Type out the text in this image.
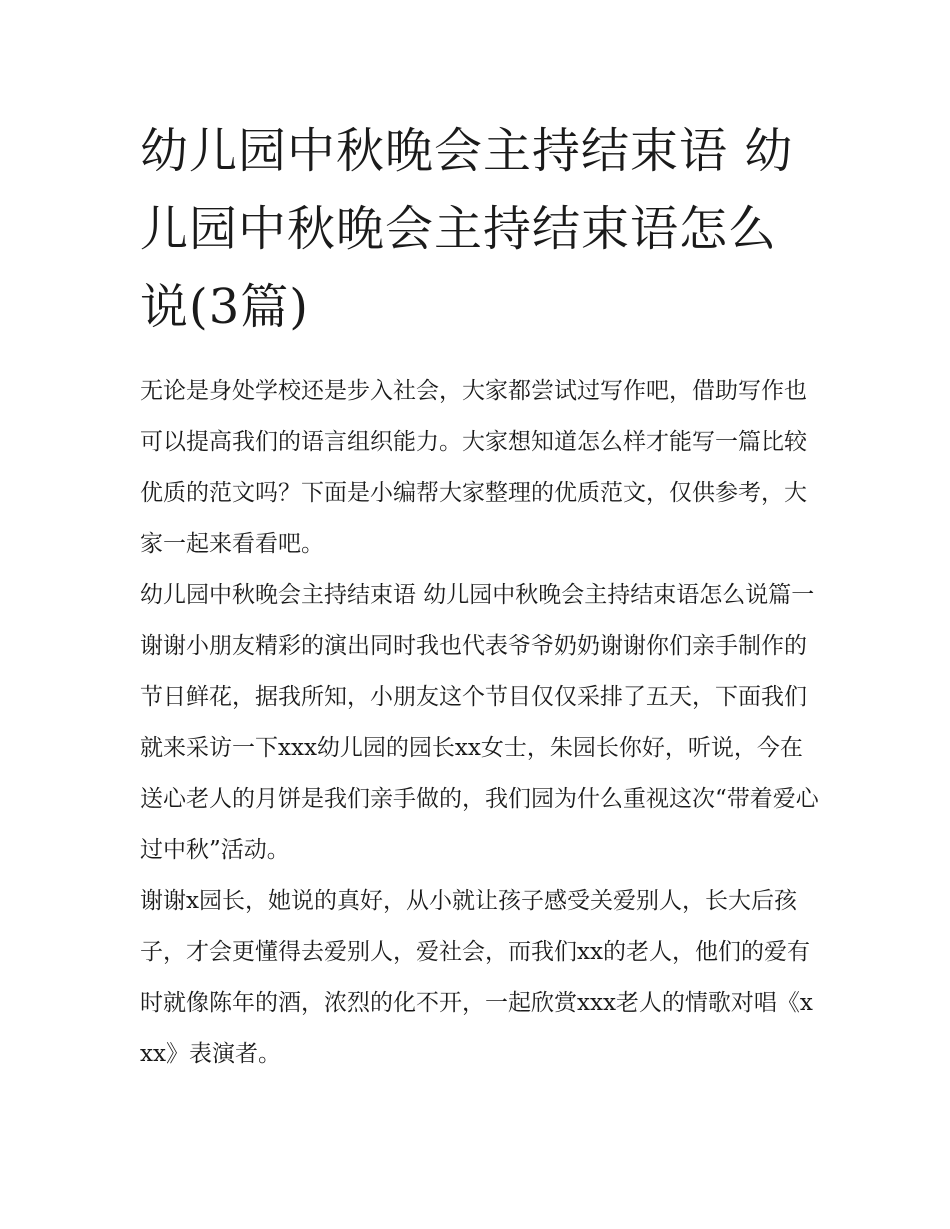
幼儿园中秋晚会主持结束语 幼儿园中秋晚会主持结束语怎么说(3篇)

无论是身处学校还是步入社会，大家都尝试过写作吧，借助写作也可以提高我们的语言组织能力。大家想知道怎么样才能写一篇比较优质的范文吗？下面是小编帮大家整理的优质范文，仅供参考，大家一起来看看吧。

幼儿园中秋晚会主持结束语 幼儿园中秋晚会主持结束语怎么说篇一

谢谢小朋友精彩的演出同时我也代表爷爷奶奶谢谢你们亲手制作的节日鲜花，据我所知，小朋友这个节目仅仅采排了五天，下面我们就来采访一下xxx幼儿园的园长xx女士，朱园长你好，听说，今在送心老人的月饼是我们亲手做的，我们园为什么重视这次“带着爱心过中秋”活动。

谢谢x园长，她说的真好，从小就让孩子感受关爱别人，长大后孩子，才会更懂得去爱别人，爱社会，而我们xx的老人，他们的爱有时就像陈年的酒，浓烈的化不开，一起欣赏xxx老人的情歌对唱《xxx》表演者。
